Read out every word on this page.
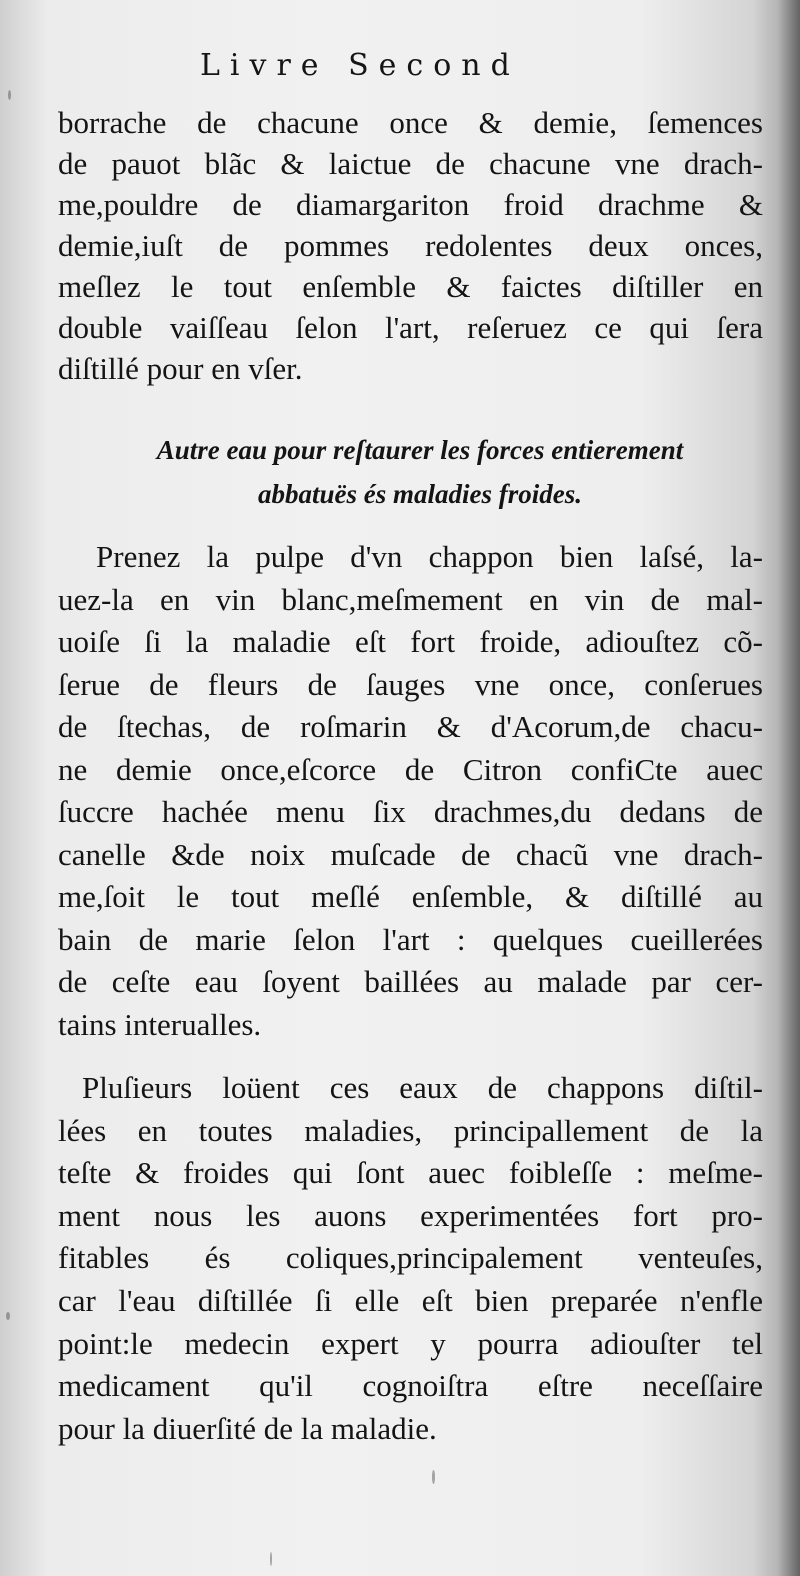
Livre Second
borrache de chacune once & demie, ſemences
de pauot blãc & laictue de chacune vne drach-
me,pouldre de diamargariton froid drachme &
demie,iuſt de pommes redolentes deux onces,
meſlez le tout enſemble & faictes diſtiller en
double vaiſſeau ſelon l'art, reſeruez ce qui ſera
diſtillé pour en vſer.
Autre eau pour reſtaurer les forces entierement
abbatuës és maladies froides.
Prenez la pulpe d'vn chappon bien laſsé, la-
uez-la en vin blanc,meſmement en vin de mal-
uoiſe ſi la maladie eſt fort froide, adiouſtez cõ-
ſerue de fleurs de ſauges vne once, conſerues
de ſtechas, de roſmarin & d'Acorum,de chacu-
ne demie once,eſcorce de Citron confiCte auec
ſuccre hachée menu ſix drachmes,du dedans de
canelle &de noix muſcade de chacũ vne drach-
me,ſoit le tout meſlé enſemble, & diſtillé au
bain de marie ſelon l'art : quelques cueillerées
de ceſte eau ſoyent baillées au malade par cer-
tains interualles.
Pluſieurs loüent ces eaux de chappons diſtil-
lées en toutes maladies, principallement de la
teſte & froides qui ſont auec foibleſſe : meſme-
ment nous les auons experimentées fort pro-
fitables és coliques,principalement venteuſes,
car l'eau diſtillée ſi elle eſt bien preparée n'enfle
point:le medecin expert y pourra adiouſter tel
medicament qu'il cognoiſtra eſtre neceſſaire
pour la diuerſité de la maladie.
